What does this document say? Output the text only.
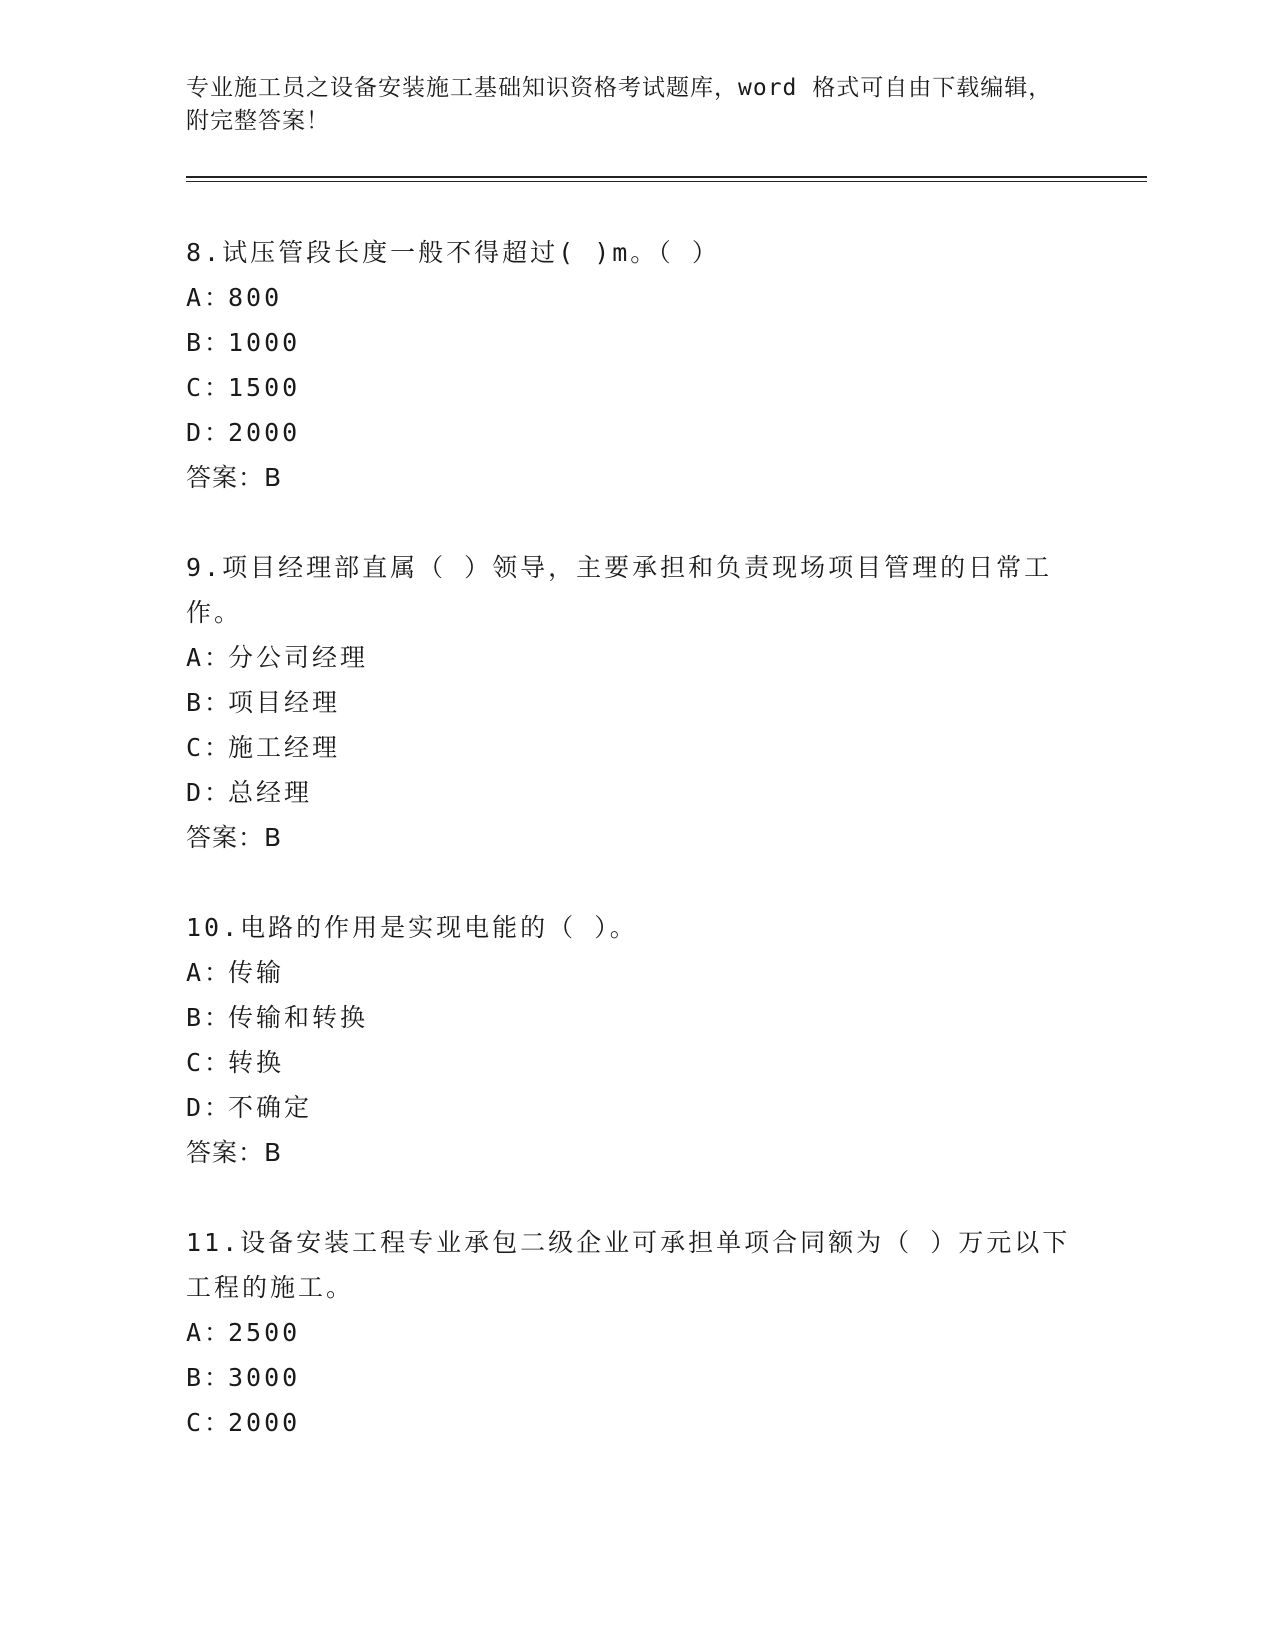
专业施工员之设备安装施工基础知识资格考试题库，word 格式可自由下载编辑，
附完整答案！
8.试压管段长度一般不得超过( )m。（ ）
A：800
B：1000
C：1500
D：2000
答案：B
9.项目经理部直属（ ）领导，主要承担和负责现场项目管理的日常工作。
A：分公司经理
B：项目经理
C：施工经理
D：总经理
答案：B
10.电路的作用是实现电能的（ ）。
A：传输
B：传输和转换
C：转换
D：不确定
答案：B
11.设备安装工程专业承包二级企业可承担单项合同额为（ ）万元以下工程的施工。
A：2500
B：3000
C：2000
